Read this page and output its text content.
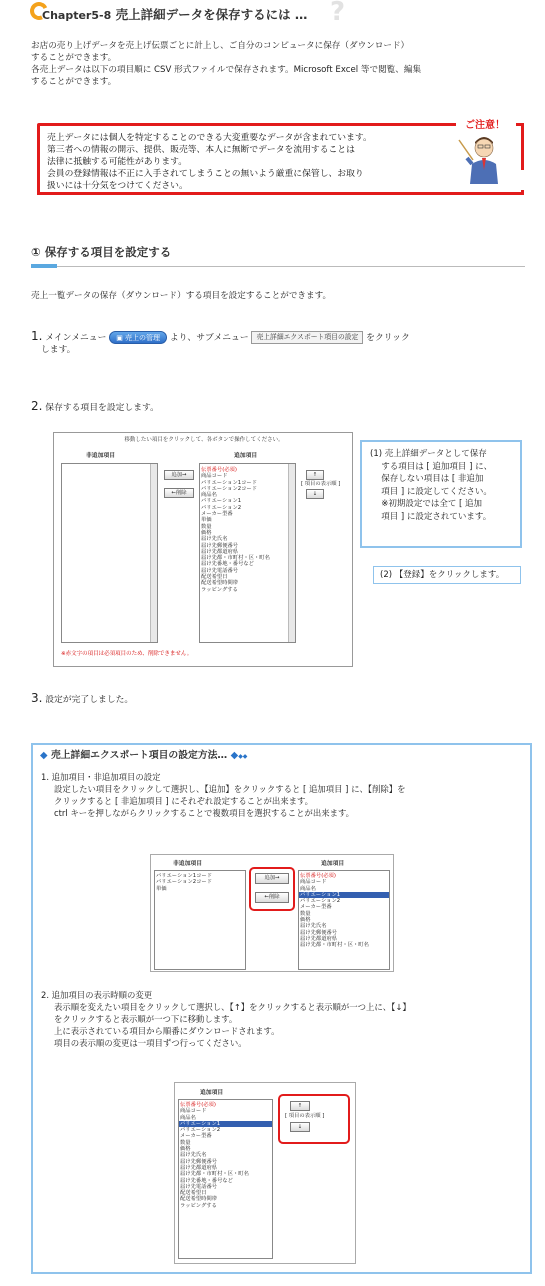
Chapter5-8 売上詳細データを保存するには … ?
お店の売り上げデータを売上げ伝票ごとに計上し、ご自分のコンピュータに保存（ダウンロード）
することができます。
各売上データは以下の項目順に CSV 形式ファイルで保存されます。Microsoft Excel 等で閲覧、編集
することができます。
ご注意！
売上データには個人を特定することのできる大変重要なデータが含まれています。
第三者への情報の開示、提供、販売等、本人に無断でデータを流用することは
法律に抵触する可能性があります。
会員の登録情報は不正に入手されてしまうことの無いよう厳重に保管し、お取り
扱いには十分気をつけてください。
① 保存する項目を設定する
売上一覧データの保存（ダウンロード）する項目を設定することができます。
1. メインメニュー ▣ 売上の管理 より、サブメニュー 売上詳細エクスポート項目の設定 をクリック
します。
2. 保存する項目を設定します。
移動したい項目をクリックして、各ボタンで操作してください。
非追加項目	追加項目
追加→
←削除
伝票番号(必須)
商品コード
バリエーション1コード
バリエーション2コード
商品名
バリエーション1
バリエーション2
メーカー型番
単価
数量
価格
届け先氏名
届け先郵便番号
届け先都道府県
届け先都・市町村・区・町名
届け先番地・番号など
届け先電話番号
配送希望日
配送希望時間帯
ラッピングする
↑
[ 項目の表示順 ]
↓
※赤文字の項目は必須項目のため、削除できません。
(1) 売上詳細データとして保存
　 する項目は [ 追加項目 ] に、
　 保存しない項目は [ 非追加
　 項目 ] に設定してください。
　 ※初期設定では全て [ 追加
　 項目 ] に設定されています。
(2) 【登録】をクリックします。
3. 設定が完了しました。
◆ 売上詳細エクスポート項目の設定方法… ◆◆◆
1. 追加項目・非追加項目の設定
設定したい項目をクリックして選択し、【追加】をクリックすると [ 追加項目 ] に、【削除】を
クリックすると [ 非追加項目 ] にそれぞれ設定することが出来ます。
ctrl キーを押しながらクリックすることで複数項目を選択することが出来ます。
非追加項目	追加項目
バリエーション1コード
バリエーション2コード
単価
追加→
←削除
伝票番号(必須)
商品コード
商品名
バリエーション1
バリエーション2
メーカー型番
数量
価格
届け先氏名
届け先郵便番号
届け先都道府県
届け先都・市町村・区・町名
2. 追加項目の表示時順の変更
表示順を変えたい項目をクリックして選択し、【↑】をクリックすると表示順が一つ上に、【↓】
をクリックすると表示順が一つ下に移動します。
上に表示されている項目から順番にダウンロードされます。
項目の表示順の変更は一項目ずつ行ってください。
追加項目
伝票番号(必須)
商品コード
商品名
バリエーション1
バリエーション2
メーカー型番
数量
価格
届け先氏名
届け先郵便番号
届け先都道府県
届け先都・市町村・区・町名
届け先番地・番号など
届け先電話番号
配送希望日
配送希望時間帯
ラッピングする
↑
[ 項目の表示順 ]
↓
